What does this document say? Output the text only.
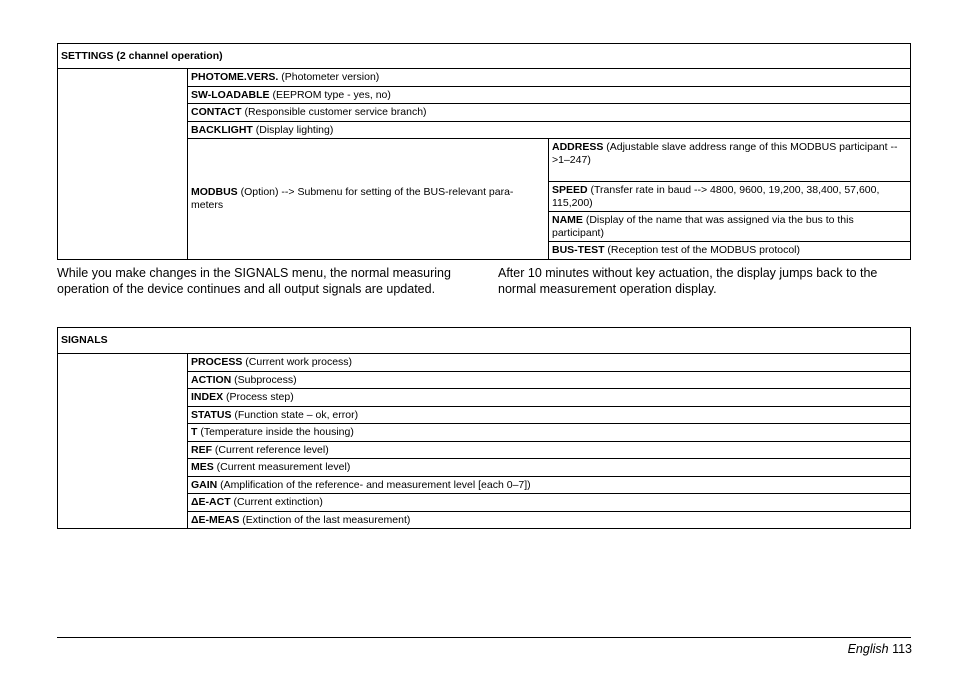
SETTINGS (2 channel operation)		
	PHOTOME.VERS. (Photometer version)	
	SW-LOADABLE (EEPROM type - yes, no)	
	CONTACT (Responsible customer service branch)	
	BACKLIGHT (Display lighting)	
	MODBUS (Option) --> Submenu for setting of the BUS-relevant para-meters	ADDRESS (Adjustable slave address range of this MODBUS participant -->1–247)
		SPEED (Transfer rate in baud --> 4800, 9600, 19,200, 38,400, 57,600, 115,200)
		NAME (Display of the name that was assigned via the bus to this participant)
		BUS-TEST (Reception test of the MODBUS protocol)

While you make changes in the SIGNALS menu, the normal measuring operation of the device continues and all output signals are updated.

After 10 minutes without key actuation, the display jumps back to the normal measurement operation display.

SIGNALS
	PROCESS (Current work process)
ACTION (Subprocess)
INDEX (Process step)
STATUS (Function state – ok, error)
T (Temperature inside the housing)
REF (Current reference level)
MES (Current measurement level)
GAIN (Amplification of the reference- and measurement level [each 0–7])
ΔE-ACT (Current extinction)
ΔE-MEAS (Extinction of the last measurement)
English 113
